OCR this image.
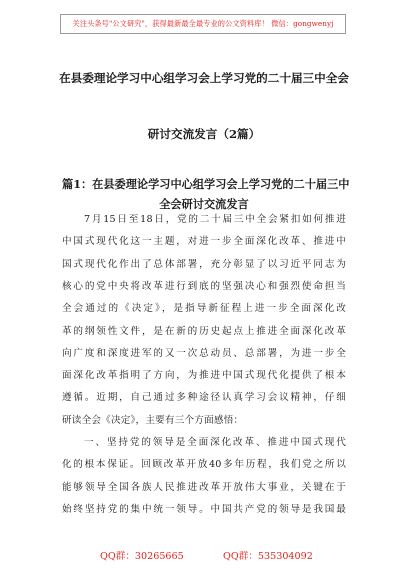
关注头条号"公文研究"，获得最新最全最专业的公文资料库！ 微信：gongwenyj
在县委理论学习中心组学习会上学习党的二十届三中全会
研讨交流发言（2篇）
篇1：在县委理论学习中心组学习会上学习党的二十届三中
全会研讨交流发言
7月15日至18日，党的二十届三中全会紧扣如何推进
中国式现代化这一主题，对进一步全面深化改革、推进中
国式现代化作出了总体部署，充分彰显了以习近平同志为
核心的党中央将改革进行到底的坚强决心和强烈使命担当
全会通过的《决定》，是指导新征程上进一步全面深化改
革的纲领性文件，是在新的历史起点上推进全面深化改革
向广度和深度进军的又一次总动员、总部署，为进一步全
面深化改革指明了方向，为推进中国式现代化提供了根本
遵循。近期，自己通过多种途径认真学习会议精神，仔细
研读全会《决定》，主要有三个方面感悟：
一、坚持党的领导是全面深化改革、推进中国式现代
化的根本保证。回顾改革开放40多年历程，我们党之所以
能够领导全国各族人民推进改革开放伟大事业，关键在于
始终坚持党的集中统一领导。中国共产党的领导是我国最
QQ群：30265665	QQ群：535304092
